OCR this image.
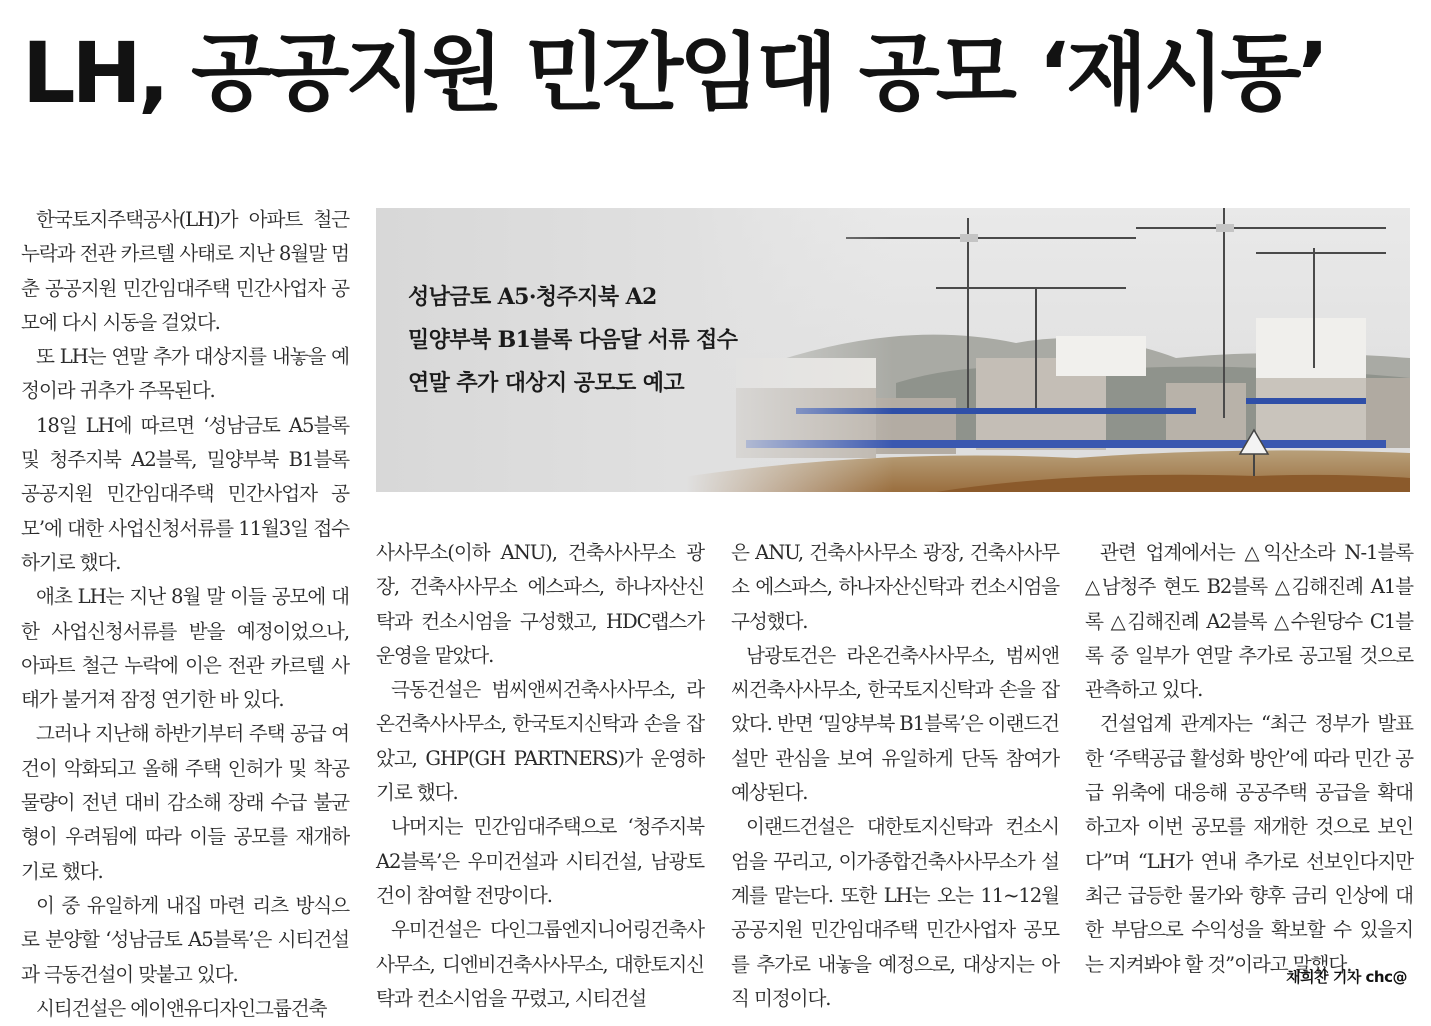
LH, 공공지원 민간임대 공모 ‘재시동’
성남금토 A5·청주지북 A2
밀양부북 B1블록 다음달 서류 접수
연말 추가 대상지 공모도 예고

한국토지주택공사(LH)가 아파트 철근 누락과 전관 카르텔 사태로 지난 8월말 멈춘 공공지원 민간임대주택 민간사업자 공모에 다시 시동을 걸었다.

또 LH는 연말 추가 대상지를 내놓을 예정이라 귀추가 주목된다.

18일 LH에 따르면 ‘성남금토 A5블록 및 청주지북 A2블록, 밀양부북 B1블록 공공지원 민간임대주택 민간사업자 공모’에 대한 사업신청서류를 11월3일 접수하기로 했다.

애초 LH는 지난 8월 말 이들 공모에 대한 사업신청서류를 받을 예정이었으나, 아파트 철근 누락에 이은 전관 카르텔 사태가 불거져 잠정 연기한 바 있다.

그러나 지난해 하반기부터 주택 공급 여건이 악화되고 올해 주택 인허가 및 착공 물량이 전년 대비 감소해 장래 수급 불균형이 우려됨에 따라 이들 공모를 재개하기로 했다.

이 중 유일하게 내집 마련 리츠 방식으로 분양할 ‘성남금토 A5블록’은 시티건설과 극동건설이 맞붙고 있다.

시티건설은 에이앤유디자인그룹건축

사사무소(이하 ANU), 건축사사무소 광장, 건축사사무소 에스파스, 하나자산신탁과 컨소시엄을 구성했고, HDC랩스가 운영을 맡았다.

극동건설은 범씨앤씨건축사사무소, 라온건축사사무소, 한국토지신탁과 손을 잡았고, GHP(GH PARTNERS)가 운영하기로 했다.

나머지는 민간임대주택으로 ‘청주지북 A2블록’은 우미건설과 시티건설, 남광토건이 참여할 전망이다.

우미건설은 다인그룹엔지니어링건축사사무소, 디엔비건축사사무소, 대한토지신탁과 컨소시엄을 꾸렸고, 시티건설

은 ANU, 건축사사무소 광장, 건축사사무소 에스파스, 하나자산신탁과 컨소시엄을 구성했다.

남광토건은 라온건축사사무소, 범씨앤씨건축사사무소, 한국토지신탁과 손을 잡았다. 반면 ‘밀양부북 B1블록’은 이랜드건설만 관심을 보여 유일하게 단독 참여가 예상된다.

이랜드건설은 대한토지신탁과 컨소시엄을 꾸리고, 이가종합건축사사무소가 설계를 맡는다. 또한 LH는 오는 11~12월 공공지원 민간임대주택 민간사업자 공모를 추가로 내놓을 예정으로, 대상지는 아직 미정이다.

관련 업계에서는 △익산소라 N-1블록 △남청주 현도 B2블록 △김해진례 A1블록 △김해진례 A2블록 △수원당수 C1블록 중 일부가 연말 추가로 공고될 것으로 관측하고 있다.

건설업계 관계자는 “최근 정부가 발표한 ‘주택공급 활성화 방안’에 따라 민간 공급 위축에 대응해 공공주택 공급을 확대하고자 이번 공모를 재개한 것으로 보인다”며 “LH가 연내 추가로 선보인다지만 최근 급등한 물가와 향후 금리 인상에 대한 부담으로 수익성을 확보할 수 있을지는 지켜봐야 할 것”이라고 말했다.

채희찬 기자 chc@
